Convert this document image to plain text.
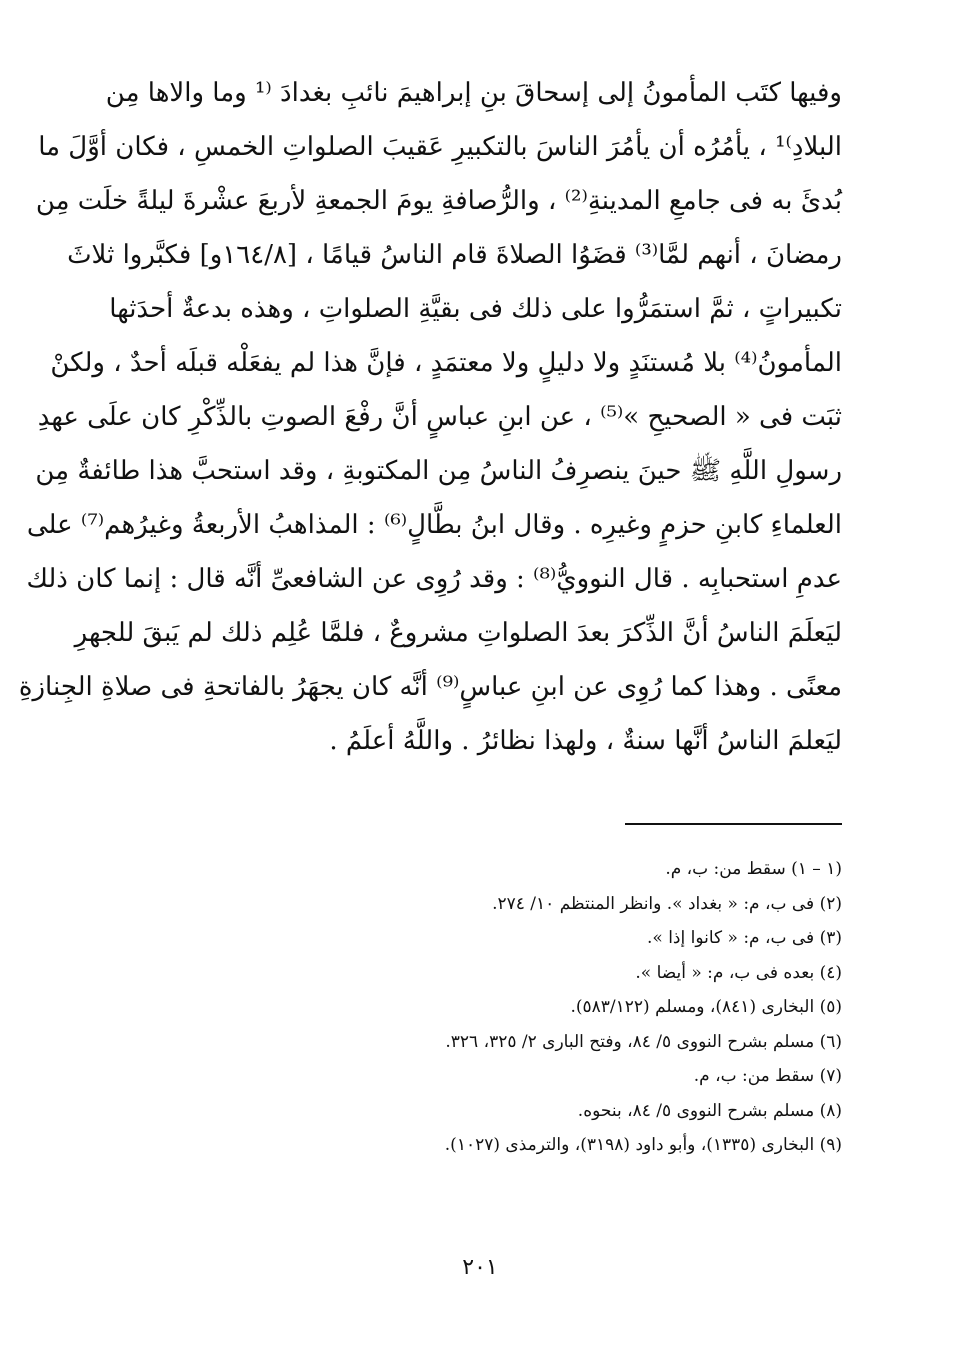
وفيها كتَب المأمونُ إلى إسحاقَ بنِ إبراهيمَ نائبِ بغدادَ ⁽¹ وما والاها مِن
البلادِ⁾¹ ، يأمُرُه أن يأمُرَ الناسَ بالتكبيرِ عَقيبَ الصلواتِ الخمسِ ، فكان أوَّلَ ما
بُدئَ به فى جامعِ المدينةِ⁽²⁾ ، والرُّصافةِ يومَ الجمعةِ لأربعَ عشْرةَ ليلةً خلَت مِن
رمضانَ ، أنهم لمَّا⁽³⁾ قضَوُا الصلاةَ قام الناسُ قيامًا ، [١٦٤/٨و] فكبَّروا ثلاثَ
تكبيراتٍ ، ثمَّ استمَرُّوا على ذلك فى بقيَّةِ الصلواتِ ، وهذه بدعةٌ أحدَثها
المأمونُ⁽⁴⁾ بلا مُستنَدٍ ولا دليلٍ ولا معتمَدٍ ، فإنَّ هذا لم يفعَلْه قبلَه أحدٌ ، ولكنْ
ثبَت فى « الصحيحِ »⁽⁵⁾ ، عن ابنِ عباسٍ أنَّ رفْعَ الصوتِ بالذِّكْرِ كان علَى عهدِ
رسولِ اللَّهِ ﷺ حينَ ينصرِفُ الناسُ مِن المكتوبةِ ، وقد استحبَّ هذا طائفةٌ مِن
العلماءِ كابنِ حزمٍ وغيرِه . وقال ابنُ بطَّالٍ⁽⁶⁾ : المذاهبُ الأربعةُ وغيرُهم⁽⁷⁾ على
عدمِ استحبابِه . قال النوويُّ⁽⁸⁾ : وقد رُوِى عن الشافعىِّ أنَّه قال : إنما كان ذلك
ليَعلَمَ الناسُ أنَّ الذِّكرَ بعدَ الصلواتِ مشروعٌ ، فلمَّا عُلِم ذلك لم يَبقَ للجهرِ
معنًى . وهذا كما رُوِى عن ابنِ عباسٍ⁽⁹⁾ أنَّه كان يجهَرُ بالفاتحةِ فى صلاةِ الجِنازةِ
ليَعلمَ الناسُ أنَّها سنةٌ ، ولهذا نظائرُ . واللَّهُ أعلَمُ .
(١ – ١) سقط من: ب، م.
(٢) فى ب، م: « بغداد ». وانظر المنتظم ١٠/ ٢٧٤.
(٣) فى ب، م: « كانوا إذا ».
(٤) بعده فى ب، م: « أيضا ».
(٥) البخارى (٨٤١)، ومسلم (٥٨٣/١٢٢).
(٦) مسلم بشرح النووى ٥/ ٨٤، وفتح البارى ٢/ ٣٢٥، ٣٢٦.
(٧) سقط من: ب، م.
(٨) مسلم بشرح النووى ٥/ ٨٤، بنحوه.
(٩) البخارى (١٣٣٥)، وأبو داود (٣١٩٨)، والترمذى (١٠٢٧).
٢٠١
